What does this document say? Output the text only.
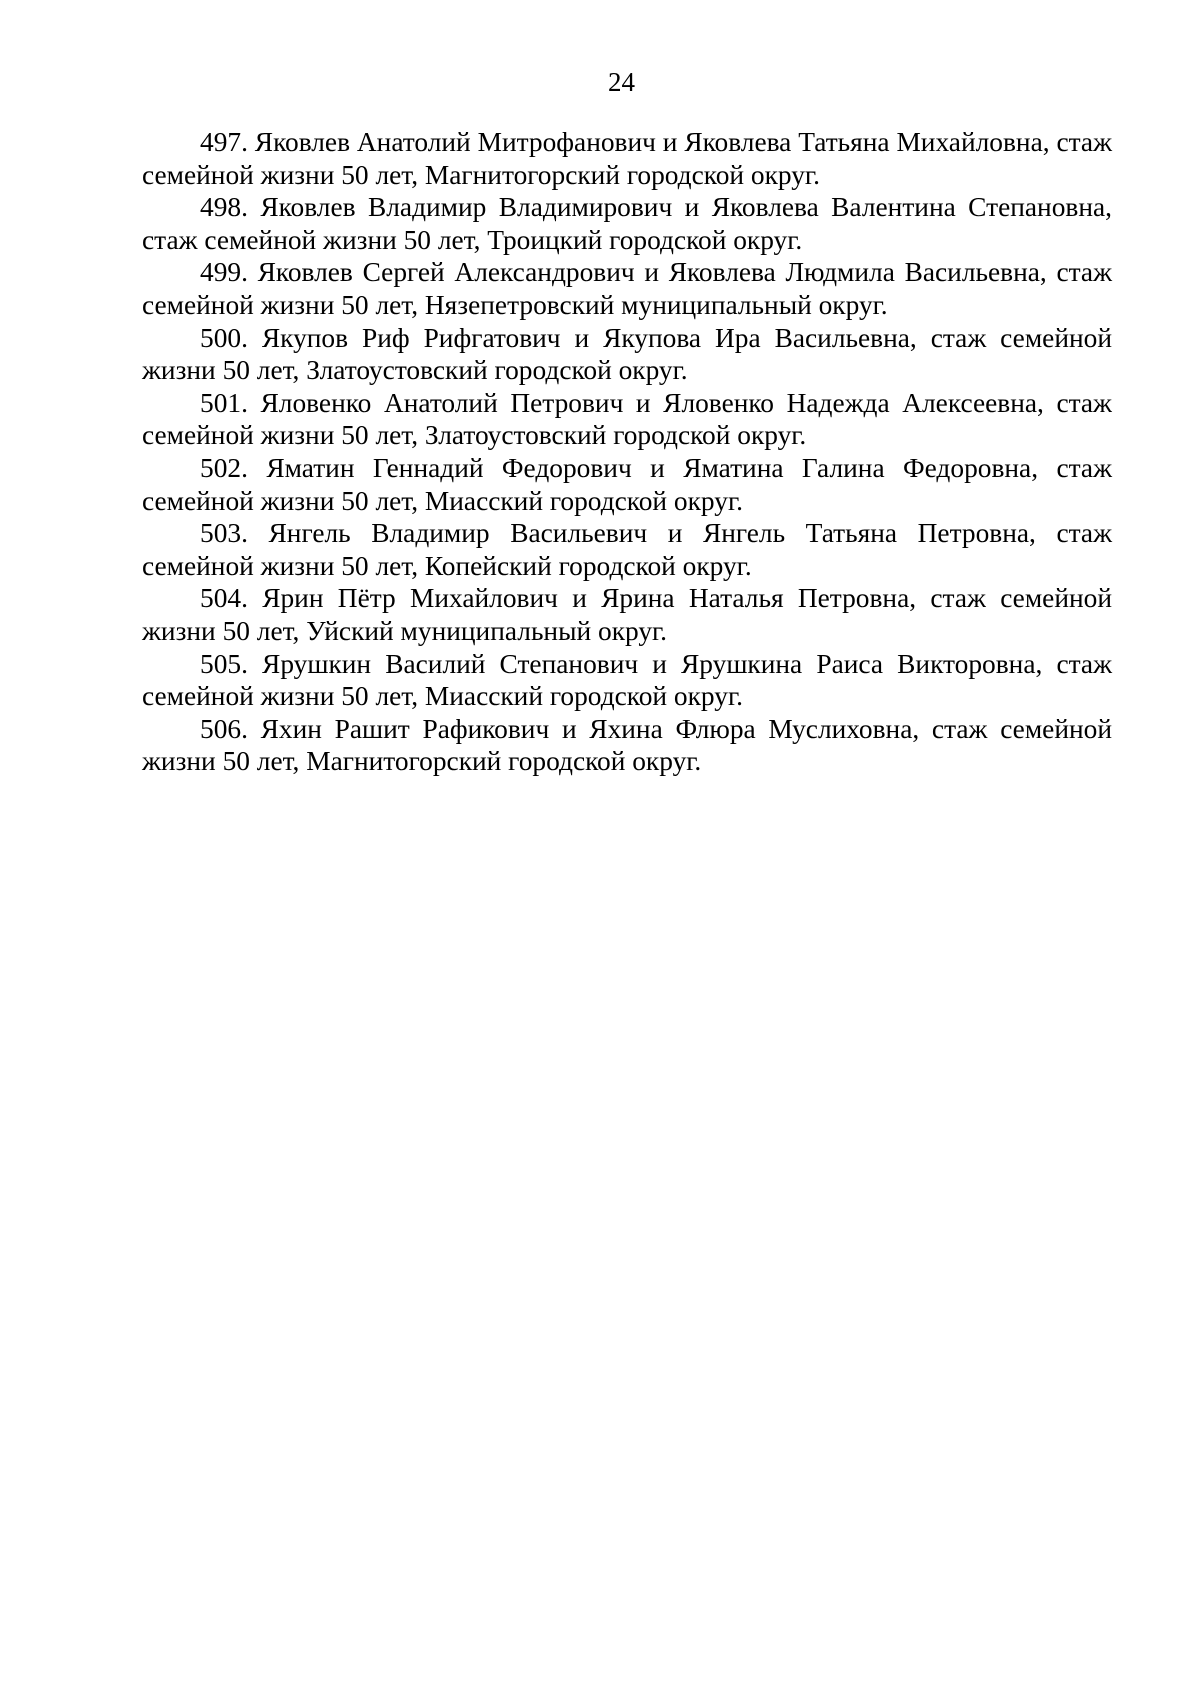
24

497. Яковлев Анатолий Митрофанович и Яковлева Татьяна Михайловна, стаж семейной жизни 50 лет, Магнитогорский городской округ.

498. Яковлев Владимир Владимирович и Яковлева Валентина Степановна, стаж семейной жизни 50 лет, Троицкий городской округ.

499. Яковлев Сергей Александрович и Яковлева Людмила Васильевна, стаж семейной жизни 50 лет, Нязепетровский муниципальный округ.

500. Якупов Риф Рифгатович и Якупова Ира Васильевна, стаж семейной жизни 50 лет, Златоустовский городской округ.

501. Яловенко Анатолий Петрович и Яловенко Надежда Алексеевна, стаж семейной жизни 50 лет, Златоустовский городской округ.

502. Яматин Геннадий Федорович и Яматина Галина Федоровна, стаж семейной жизни 50 лет, Миасский городской округ.

503. Янгель Владимир Васильевич и Янгель Татьяна Петровна, стаж семейной жизни 50 лет, Копейский городской округ.

504. Ярин Пётр Михайлович и Ярина Наталья Петровна, стаж семейной жизни 50 лет, Уйский муниципальный округ.

505. Ярушкин Василий Степанович и Ярушкина Раиса Викторовна, стаж семейной жизни 50 лет, Миасский городской округ.

506. Яхин Рашит Рафикович и Яхина Флюра Муслиховна, стаж семейной жизни 50 лет, Магнитогорский городской округ.
